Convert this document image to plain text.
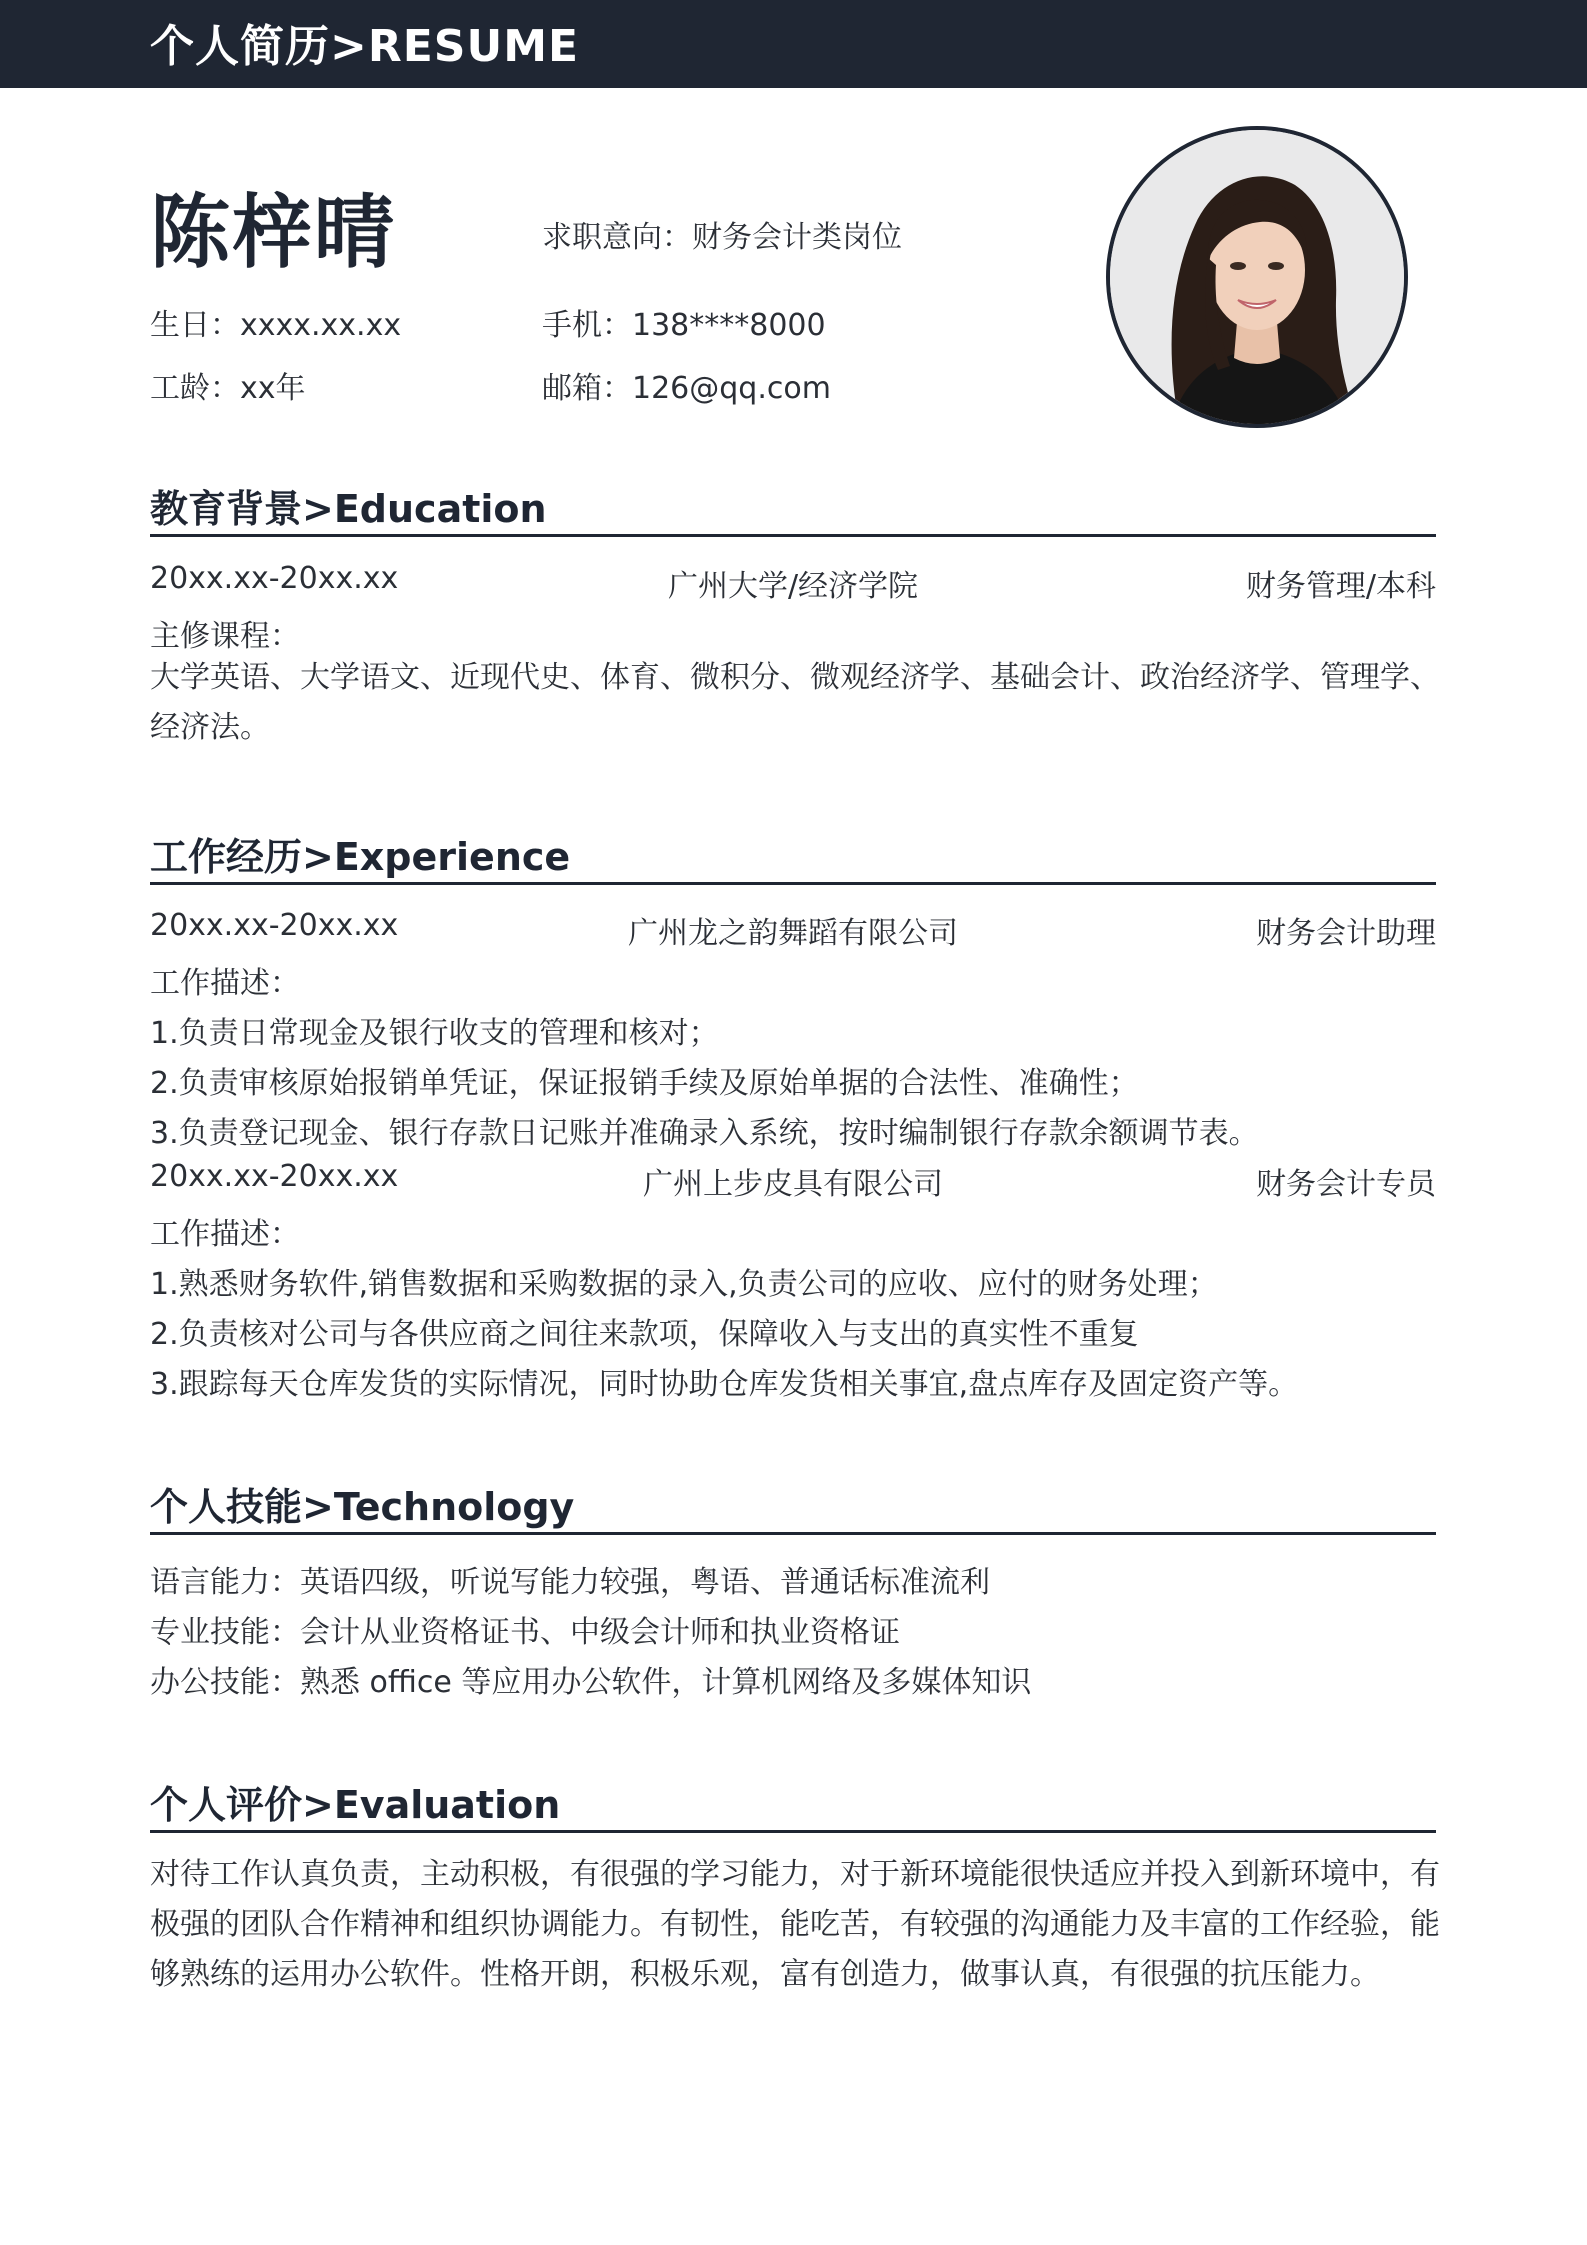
个人简历>RESUME
陈梓晴	求职意向：财务会计类岗位
生日：xxxx.xx.xx	手机：138****8000
工龄：xx年	邮箱：126@qq.com
教育背景>Education
20xx.xx-20xx.xx	广州大学/经济学院	财务管理/本科
主修课程：
大学英语、大学语文、近现代史、体育、微积分、微观经济学、基础会计、政治经济学、管理学、经济法。
工作经历>Experience
20xx.xx-20xx.xx	广州龙之韵舞蹈有限公司	财务会计助理
工作描述：
1.负责日常现金及银行收支的管理和核对；
2.负责审核原始报销单凭证，保证报销手续及原始单据的合法性、准确性；
3.负责登记现金、银行存款日记账并准确录入系统，按时编制银行存款余额调节表。
20xx.xx-20xx.xx	广州上步皮具有限公司	财务会计专员
工作描述：
1.熟悉财务软件,销售数据和采购数据的录入,负责公司的应收、应付的财务处理；
2.负责核对公司与各供应商之间往来款项，保障收入与支出的真实性不重复
3.跟踪每天仓库发货的实际情况，同时协助仓库发货相关事宜,盘点库存及固定资产等。
个人技能>Technology
语言能力：英语四级，听说写能力较强，粤语、普通话标准流利
专业技能：会计从业资格证书、中级会计师和执业资格证
办公技能：熟悉 office 等应用办公软件，计算机网络及多媒体知识
个人评价>Evaluation
对待工作认真负责，主动积极，有很强的学习能力，对于新环境能很快适应并投入到新环境中，有极强的团队合作精神和组织协调能力。有韧性，能吃苦，有较强的沟通能力及丰富的工作经验，能够熟练的运用办公软件。性格开朗，积极乐观，富有创造力，做事认真，有很强的抗压能力。
